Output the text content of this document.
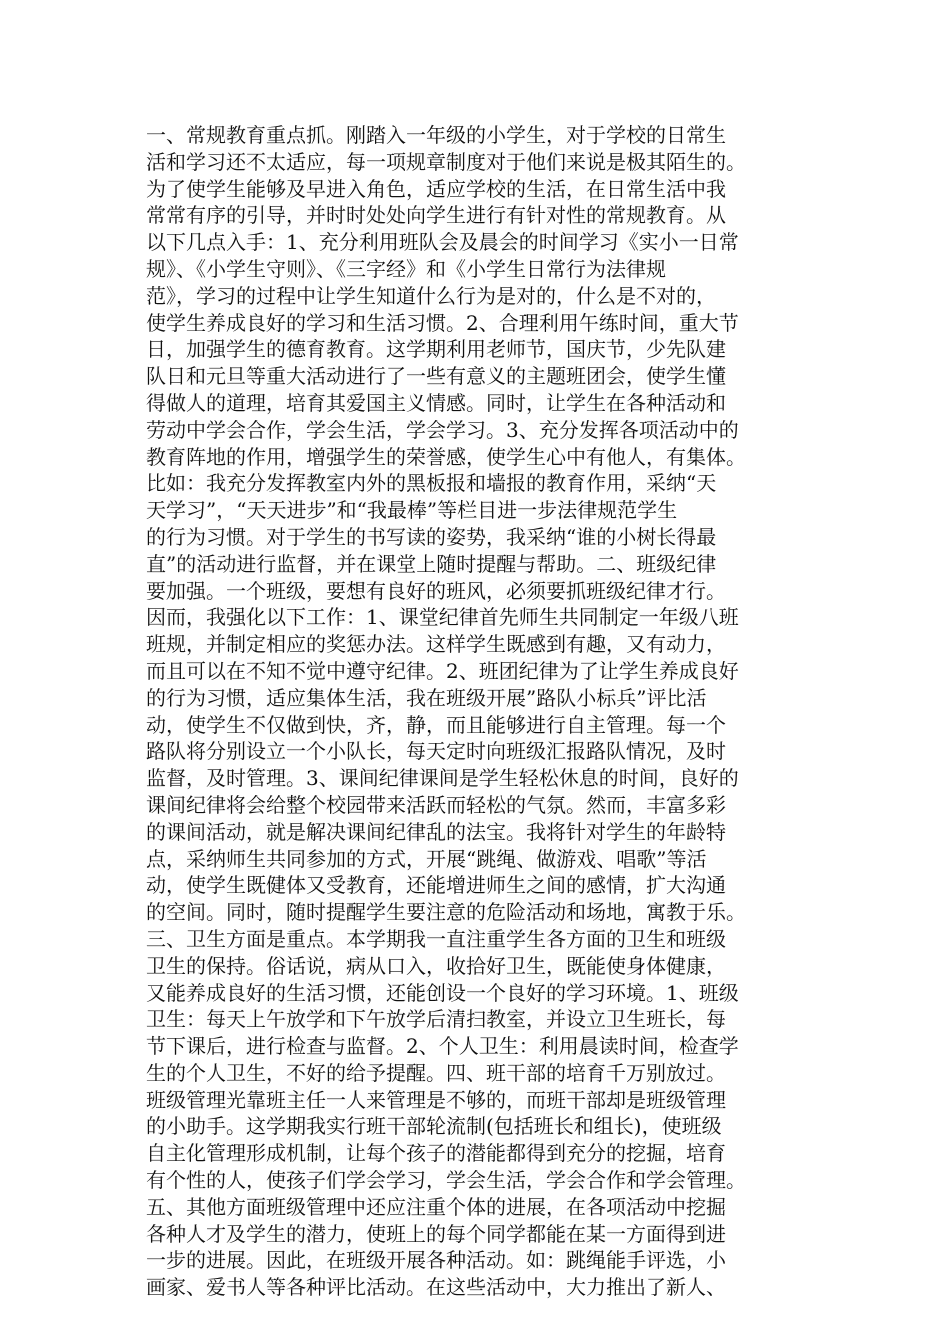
一、常规教育重点抓。刚踏入一年级的小学生，对于学校的日常生
活和学习还不太适应，每一项规章制度对于他们来说是极其陌生的。
为了使学生能够及早进入角色，适应学校的生活，在日常生活中我
常常有序的引导，并时时处处向学生进行有针对性的常规教育。从
以下几点入手：1、充分利用班队会及晨会的时间学习《实小一日常
规》、《小学生守则》、《三字经》和《小学生日常行为法律规
范》，学习的过程中让学生知道什么行为是对的，什么是不对的，
使学生养成良好的学习和生活习惯。2、合理利用午练时间，重大节
日，加强学生的德育教育。这学期利用老师节，国庆节，少先队建
队日和元旦等重大活动进行了一些有意义的主题班团会，使学生懂
得做人的道理，培育其爱国主义情感。同时，让学生在各种活动和
劳动中学会合作，学会生活，学会学习。3、充分发挥各项活动中的
教育阵地的作用，增强学生的荣誉感，使学生心中有他人，有集体。
比如：我充分发挥教室内外的黑板报和墙报的教育作用，采纳“天
天学习”，“天天进步”和“我最棒”等栏目进一步法律规范学生
的行为习惯。对于学生的书写读的姿势，我采纳“谁的小树长得最
直”的活动进行监督，并在课堂上随时提醒与帮助。二、班级纪律
要加强。一个班级，要想有良好的班风，必须要抓班级纪律才行。
因而，我强化以下工作：1、课堂纪律首先师生共同制定一年级八班
班规，并制定相应的奖惩办法。这样学生既感到有趣，又有动力，
而且可以在不知不觉中遵守纪律。2、班团纪律为了让学生养成良好
的行为习惯，适应集体生活，我在班级开展”路队小标兵”评比活
动，使学生不仅做到快，齐，静，而且能够进行自主管理。每一个
路队将分别设立一个小队长，每天定时向班级汇报路队情况，及时
监督，及时管理。3、课间纪律课间是学生轻松休息的时间，良好的
课间纪律将会给整个校园带来活跃而轻松的气氛。然而，丰富多彩
的课间活动，就是解决课间纪律乱的法宝。我将针对学生的年龄特
点，采纳师生共同参加的方式，开展“跳绳、做游戏、唱歌”等活
动，使学生既健体又受教育，还能增进师生之间的感情，扩大沟通
的空间。同时，随时提醒学生要注意的危险活动和场地，寓教于乐。
三、卫生方面是重点。本学期我一直注重学生各方面的卫生和班级
卫生的保持。俗话说，病从口入，收拾好卫生，既能使身体健康，
又能养成良好的生活习惯，还能创设一个良好的学习环境。1、班级
卫生：每天上午放学和下午放学后清扫教室，并设立卫生班长，每
节下课后，进行检查与监督。2、个人卫生：利用晨读时间，检查学
生的个人卫生，不好的给予提醒。四、班干部的培育千万别放过。
班级管理光靠班主任一人来管理是不够的，而班干部却是班级管理
的小助手。这学期我实行班干部轮流制(包括班长和组长)，使班级
自主化管理形成机制，让每个孩子的潜能都得到充分的挖掘，培育
有个性的人，使孩子们学会学习，学会生活，学会合作和学会管理。
五、其他方面班级管理中还应注重个体的进展，在各项活动中挖掘
各种人才及学生的潜力，使班上的每个同学都能在某一方面得到进
一步的进展。因此，在班级开展各种活动。如：跳绳能手评选，小
画家、爱书人等各种评比活动。在这些活动中，大力推出了新人、
